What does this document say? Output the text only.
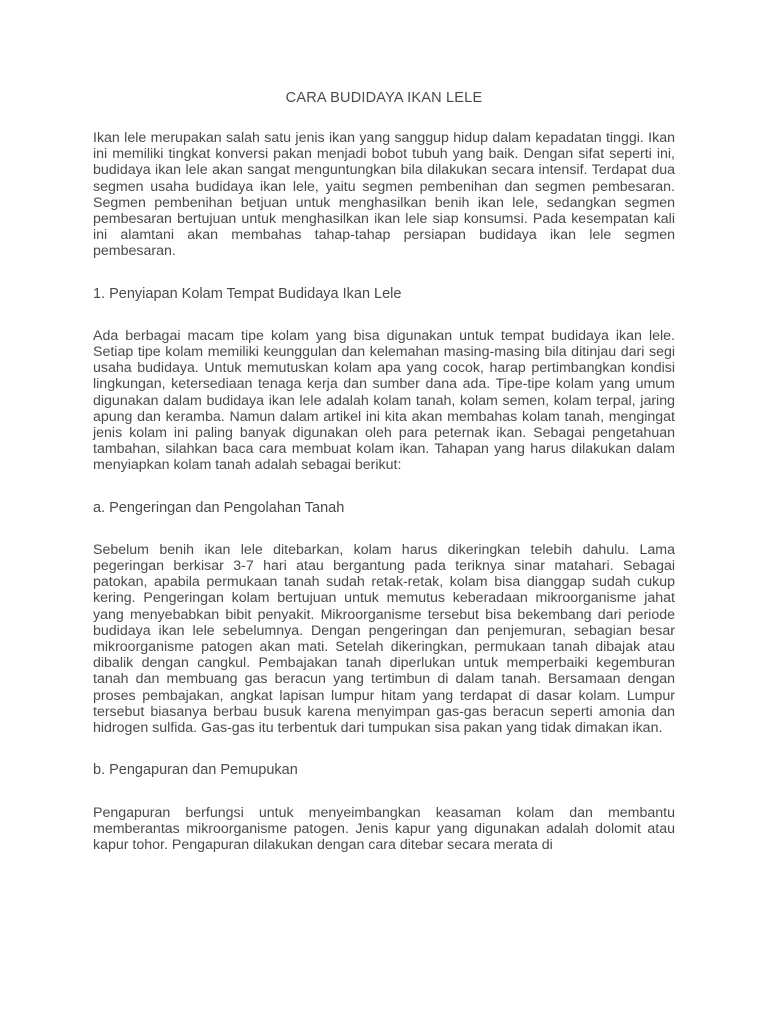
CARA BUDIDAYA IKAN LELE
Ikan lele merupakan salah satu jenis ikan yang sanggup hidup dalam kepadatan tinggi. Ikan ini memiliki tingkat konversi pakan menjadi bobot tubuh yang baik. Dengan sifat seperti ini, budidaya ikan lele akan sangat menguntungkan bila dilakukan secara intensif. Terdapat dua segmen usaha budidaya ikan lele, yaitu segmen pembenihan dan segmen pembesaran. Segmen pembenihan betjuan untuk menghasilkan benih ikan lele, sedangkan segmen pembesaran bertujuan untuk menghasilkan ikan lele siap konsumsi. Pada kesempatan kali ini alamtani akan membahas tahap-tahap persiapan budidaya ikan lele segmen pembesaran.
1. Penyiapan Kolam Tempat Budidaya Ikan Lele
Ada berbagai macam tipe kolam yang bisa digunakan untuk tempat budidaya ikan lele. Setiap tipe kolam memiliki keunggulan dan kelemahan masing-masing bila ditinjau dari segi usaha budidaya. Untuk memutuskan kolam apa yang cocok, harap pertimbangkan kondisi lingkungan, ketersediaan tenaga kerja dan sumber dana ada. Tipe-tipe kolam yang umum digunakan dalam budidaya ikan lele adalah kolam tanah, kolam semen, kolam terpal, jaring apung dan keramba. Namun dalam artikel ini kita akan membahas kolam tanah, mengingat jenis kolam ini paling banyak digunakan oleh para peternak ikan. Sebagai pengetahuan tambahan, silahkan baca cara membuat kolam ikan. Tahapan yang harus dilakukan dalam menyiapkan kolam tanah adalah sebagai berikut:
a. Pengeringan dan Pengolahan Tanah
Sebelum benih ikan lele ditebarkan, kolam harus dikeringkan telebih dahulu. Lama pegeringan berkisar 3-7 hari atau bergantung pada teriknya sinar matahari. Sebagai patokan, apabila permukaan tanah sudah retak-retak, kolam bisa dianggap sudah cukup kering. Pengeringan kolam bertujuan untuk memutus keberadaan mikroorganisme jahat yang menyebabkan bibit penyakit. Mikroorganisme tersebut bisa bekembang dari periode budidaya ikan lele sebelumnya. Dengan pengeringan dan penjemuran, sebagian besar mikroorganisme patogen akan mati. Setelah dikeringkan, permukaan tanah dibajak atau dibalik dengan cangkul. Pembajakan tanah diperlukan untuk memperbaiki kegemburan tanah dan membuang gas beracun yang tertimbun di dalam tanah. Bersamaan dengan proses pembajakan, angkat lapisan lumpur hitam yang terdapat di dasar kolam. Lumpur tersebut biasanya berbau busuk karena menyimpan gas-gas beracun seperti amonia dan hidrogen sulfida. Gas-gas itu terbentuk dari tumpukan sisa pakan yang tidak dimakan ikan.
b. Pengapuran dan Pemupukan
Pengapuran berfungsi untuk menyeimbangkan keasaman kolam dan membantu memberantas mikroorganisme patogen. Jenis kapur yang digunakan adalah dolomit atau kapur tohor. Pengapuran dilakukan dengan cara ditebar secara merata di
